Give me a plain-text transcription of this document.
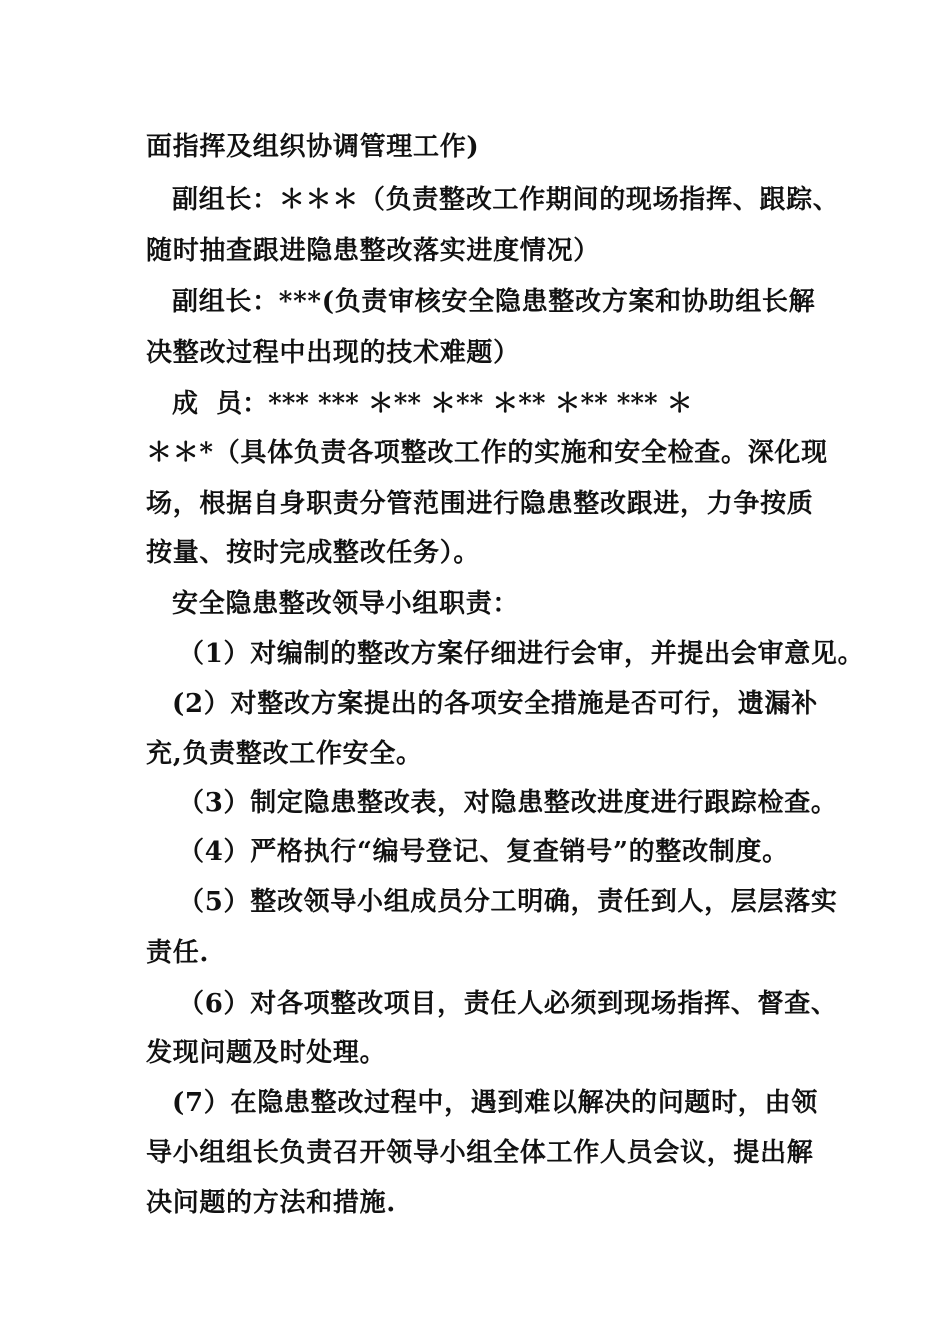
面指挥及组织协调管理工作)
副组长：＊＊＊（负责整改工作期间的现场指挥、跟踪、
随时抽查跟进隐患整改落实进度情况）
副组长：***(负责审核安全隐患整改方案和协助组长解
决整改过程中出现的技术难题）
成  员：*** *** ＊** ＊** ＊** ＊** *** ＊
＊＊*（具体负责各项整改工作的实施和安全检查。深化现
场，根据自身职责分管范围进行隐患整改跟进，力争按质
按量、按时完成整改任务）。
安全隐患整改领导小组职责：
（1）对编制的整改方案仔细进行会审，并提出会审意见。
(2）对整改方案提出的各项安全措施是否可行，遗漏补
充,负责整改工作安全。
（3）制定隐患整改表，对隐患整改进度进行跟踪检查。
（4）严格执行“编号登记、复查销号”的整改制度。
（5）整改领导小组成员分工明确，责任到人，层层落实
责任.
（6）对各项整改项目，责任人必须到现场指挥、督查、
发现问题及时处理。
(7）在隐患整改过程中，遇到难以解决的问题时，由领
导小组组长负责召开领导小组全体工作人员会议，提出解
决问题的方法和措施.
